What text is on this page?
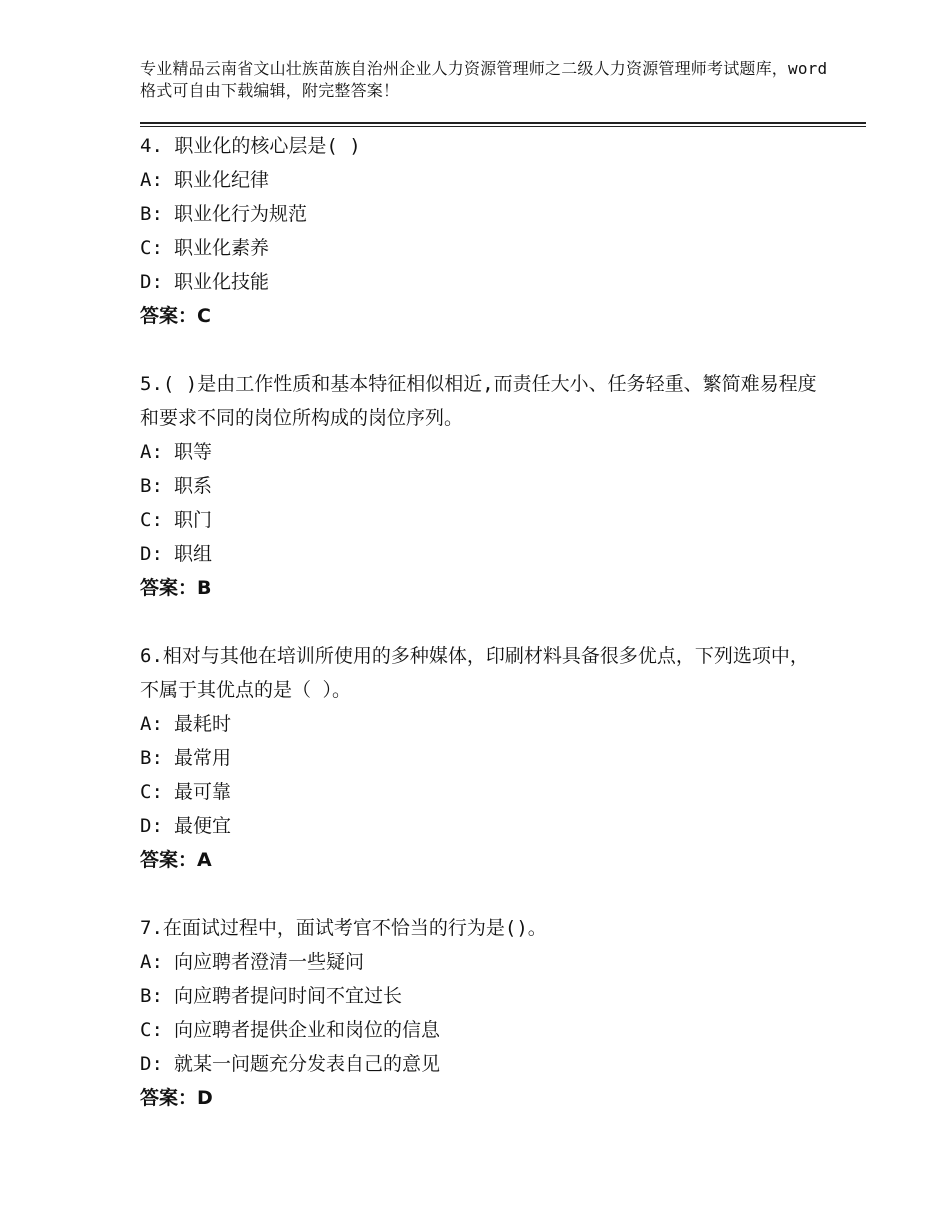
专业精品云南省文山壮族苗族自治州企业人力资源管理师之二级人力资源管理师考试题库，word格式可自由下载编辑，附完整答案！
4. 职业化的核心层是( )
A: 职业化纪律
B: 职业化行为规范
C: 职业化素养
D: 职业化技能
答案：C
5.( )是由工作性质和基本特征相似相近,而责任大小、任务轻重、繁简难易程度和要求不同的岗位所构成的岗位序列。
A: 职等
B: 职系
C: 职门
D: 职组
答案：B
6.相对与其他在培训所使用的多种媒体，印刷材料具备很多优点，下列选项中，不属于其优点的是（ ）。
A: 最耗时
B: 最常用
C: 最可靠
D: 最便宜
答案：A
7.在面试过程中，面试考官不恰当的行为是()。
A: 向应聘者澄清一些疑问
B: 向应聘者提问时间不宜过长
C: 向应聘者提供企业和岗位的信息
D: 就某一问题充分发表自己的意见
答案：D
